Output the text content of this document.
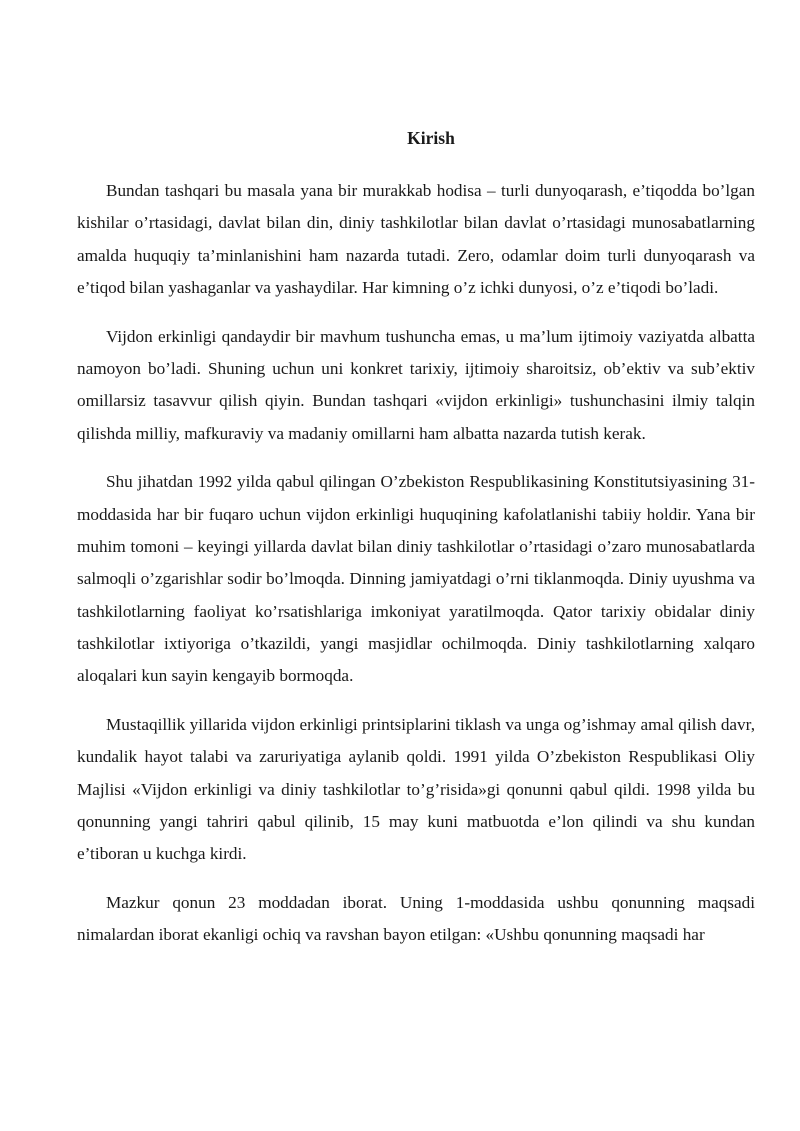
Kirish

Bundan tashqari bu masala yana bir murakkab hodisa – turli dunyoqarash, e’tiqodda bo’lgan kishilar o’rtasidagi, davlat bilan din, diniy tashkilotlar bilan davlat o’rtasidagi munosabatlarning amalda huquqiy ta’minlanishini ham nazarda tutadi. Zero, odamlar doim turli dunyoqarash va e’tiqod bilan yashaganlar va yashaydilar. Har kimning o’z ichki dunyosi, o’z e’tiqodi bo’ladi.

Vijdon erkinligi qandaydir bir mavhum tushuncha emas, u ma’lum ijtimoiy vaziyatda albatta namoyon bo’ladi. Shuning uchun uni konkret tarixiy, ijtimoiy sharoitsiz, ob’ektiv va sub’ektiv omillarsiz tasavvur qilish qiyin. Bundan tashqari «vijdon erkinligi» tushunchasini ilmiy talqin qilishda milliy, mafkuraviy va madaniy omillarni ham albatta nazarda tutish kerak.

Shu jihatdan 1992 yilda qabul qilingan O’zbekiston Respublikasining Konstitutsiyasining 31-moddasida har bir fuqaro uchun vijdon erkinligi huquqining kafolatlanishi tabiiy holdir. Yana bir muhim tomoni – keyingi yillarda davlat bilan diniy tashkilotlar o’rtasidagi o’zaro munosabatlarda salmoqli o’zgarishlar sodir bo’lmoqda. Dinning jamiyatdagi o’rni tiklanmoqda. Diniy uyushma va tashkilotlarning faoliyat ko’rsatishlariga imkoniyat yaratilmoqda. Qator tarixiy obidalar diniy tashkilotlar ixtiyoriga o’tkazildi, yangi masjidlar ochilmoqda. Diniy tashkilotlarning xalqaro aloqalari kun sayin kengayib bormoqda.

Mustaqillik yillarida vijdon erkinligi printsiplarini tiklash va unga og’ishmay amal qilish davr, kundalik hayot talabi va zaruriyatiga aylanib qoldi. 1991 yilda O’zbekiston Respublikasi Oliy Majlisi «Vijdon erkinligi va diniy tashkilotlar to’g’risida»gi qonunni qabul qildi. 1998 yilda bu qonunning yangi tahriri qabul qilinib, 15 may kuni matbuotda e’lon qilindi va shu kundan e’tiboran u kuchga kirdi.

Mazkur qonun 23 moddadan iborat. Uning 1-moddasida ushbu qonunning maqsadi nimalardan iborat ekanligi ochiq va ravshan bayon etilgan: «Ushbu qonunning maqsadi har
